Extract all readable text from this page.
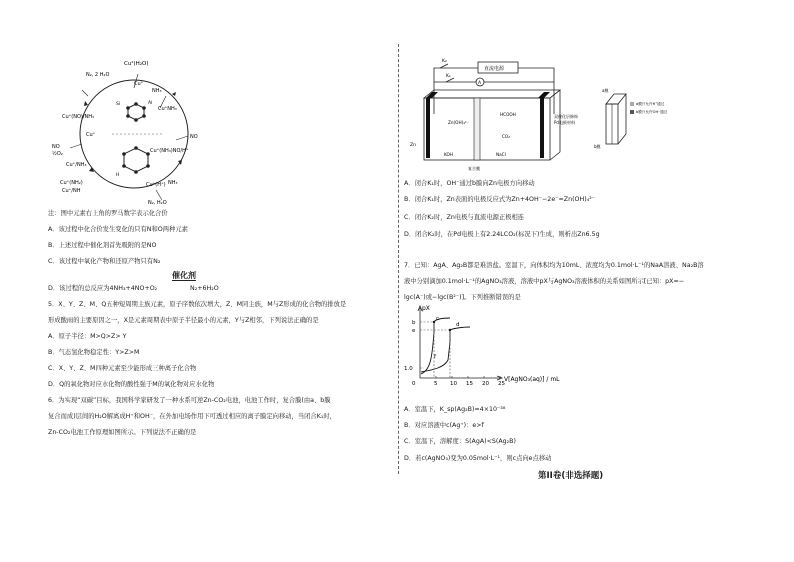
Cu²(H₂O)
Cu⁺
N₂, 2 H₂O
NH₃
Cu⁺(NO)/NH₃
Cu⁺NH₃
NO
Cu⁺
NO
½O₂
Cu⁺/NH₃
Cu⁺(NH₃)NO/H⁺
Cu⁺(NH₂)
Cu⁺/NH
Cu⁺(H⁺) NH₃
N₂, H₂O
Si	Al
H
注：图中元素右上角的罗马数字表示化合价
A．该过程中化合价发生变化的只有N和O两种元素
B．上述过程中催化剂首先吸附的是NO
C．该过程中氧化产物和还原产物只有N₂
催化剂
D．该过程的总反应为4NH₃+4NO+O₂	N₂+6H₂O
5．X、Y、Z、M、Q五种短周期主族元素，原子序数依次增大，Z、M同主族，M与Z形成的化合物的排放是
形成酸雨的主要原因之一，X是元素周期表中原子半径最小的元素，Y与Z相邻，下列说法正确的是
A．原子半径：M>Q>Z> Y
B．气态氢化物稳定性：Y>Z>M
C．X、Y、Z、M四种元素至少能形成三种离子化合物
D．Q的氧化物对应水化物的酸性强于M的氧化物对应水化物
6．为实现“双碳”目标，我国科学家研发了一种水系可逆Zn-CO₂电池，电池工作时，复合膜(由a、b膜
复合而成)层间的H₂O解离成H⁺和OH⁻，在外加电场作用下可透过相应的离子膜定向移动，当闭合K₁时，
Zn-CO₂电池工作原理如图所示。下列说法不正确的是
直流电源
K₂
K₁
A
Zn
Zn(OH)₄²⁻
HCOOH
CO₂
KOH	NaCl
双催化层修饰
Pd电极材料
复合膜
a膜
b膜
a膜只允许H⁺通过
b膜只允许OH⁻通过
A．闭合K₁时，OH⁻通过b膜向Zn电极方向移动
B．闭合K₁时，Zn表面的电极反应式为Zn+4OH⁻−2e⁻=Zn(OH)₄²⁻
C．闭合K₂时，Zn电极与直流电源正极相连
D．闭合K₂时，在Pd电极上有2.24LCO₂(标况下)生成，则析出Zn6.5g
7．已知：AgA、Ag₂B都是难溶盐。室温下，向体积均为10mL、浓度均为0.1mol·L⁻¹的NaA溶液、Na₂B溶
液中分别滴加0.1mol·L⁻¹的AgNO₃溶液，溶液中pX与AgNO₃溶液体积的关系如图所示[已知：pX=−
lgc(A⁻)或−lgc(B²⁻)]。下列推断错误的是
pX
V[AgNO₃(aq)] / mL
1.0
0	5 10 15 20 25
b
c
d
e
f
A．室温下，K_sp(Ag₂B)=4×10⁻³⁸
B．对应溶液中c(Ag⁺)：e>f
C．室温下，溶解度：S(AgA)<S(Ag₂B)
D．若c(AgNO₃)变为0.05mol·L⁻¹，则c点向e点移动
第II卷(非选择题)
